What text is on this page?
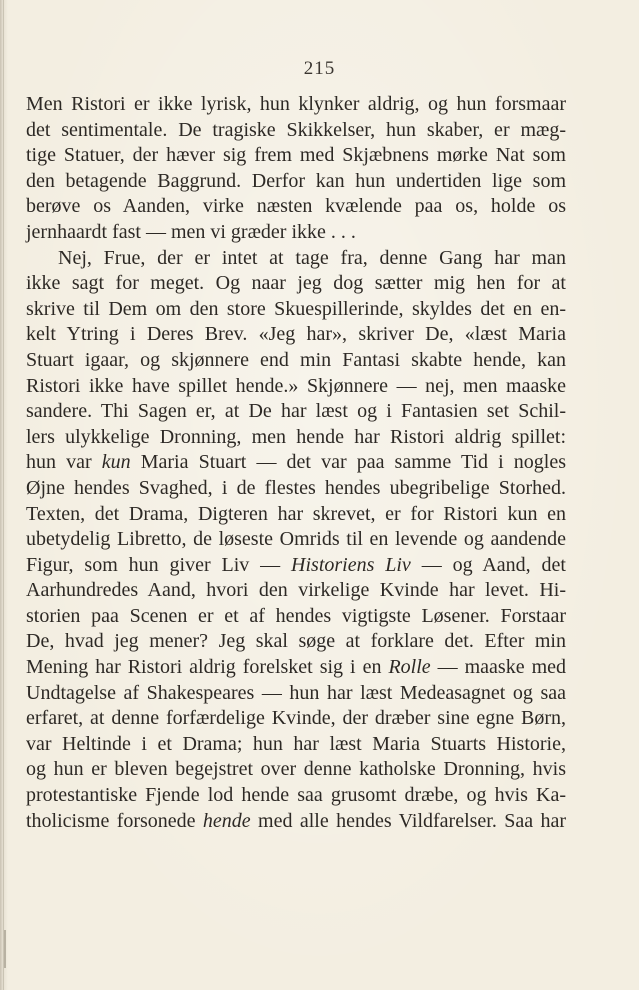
215
Men Ristori er ikke lyrisk, hun klynker aldrig, og hun forsmaar
det sentimentale. De tragiske Skikkelser, hun skaber, er mæg-
tige Statuer, der hæver sig frem med Skjæbnens mørke Nat som
den betagende Baggrund. Derfor kan hun undertiden lige som
berøve os Aanden, virke næsten kvælende paa os, holde os
jernhaardt fast — men vi græder ikke . . .
Nej, Frue, der er intet at tage fra, denne Gang har man
ikke sagt for meget. Og naar jeg dog sætter mig hen for at
skrive til Dem om den store Skuespillerinde, skyldes det en en-
kelt Ytring i Deres Brev. «Jeg har», skriver De, «læst Maria
Stuart igaar, og skjønnere end min Fantasi skabte hende, kan
Ristori ikke have spillet hende.» Skjønnere — nej, men maaske
sandere. Thi Sagen er, at De har læst og i Fantasien set Schil-
lers ulykkelige Dronning, men hende har Ristori aldrig spillet:
hun var kun Maria Stuart — det var paa samme Tid i nogles
Øjne hendes Svaghed, i de flestes hendes ubegribelige Storhed.
Texten, det Drama, Digteren har skrevet, er for Ristori kun en
ubetydelig Libretto, de løseste Omrids til en levende og aandende
Figur, som hun giver Liv — Historiens Liv — og Aand, det
Aarhundredes Aand, hvori den virkelige Kvinde har levet. Hi-
storien paa Scenen er et af hendes vigtigste Løsener. Forstaar
De, hvad jeg mener? Jeg skal søge at forklare det. Efter min
Mening har Ristori aldrig forelsket sig i en Rolle — maaske med
Undtagelse af Shakespeares — hun har læst Medeasagnet og saa
erfaret, at denne forfærdelige Kvinde, der dræber sine egne Børn,
var Heltinde i et Drama; hun har læst Maria Stuarts Historie,
og hun er bleven begejstret over denne katholske Dronning, hvis
protestantiske Fjende lod hende saa grusomt dræbe, og hvis Ka-
tholicisme forsonede hende med alle hendes Vildfarelser. Saa har
